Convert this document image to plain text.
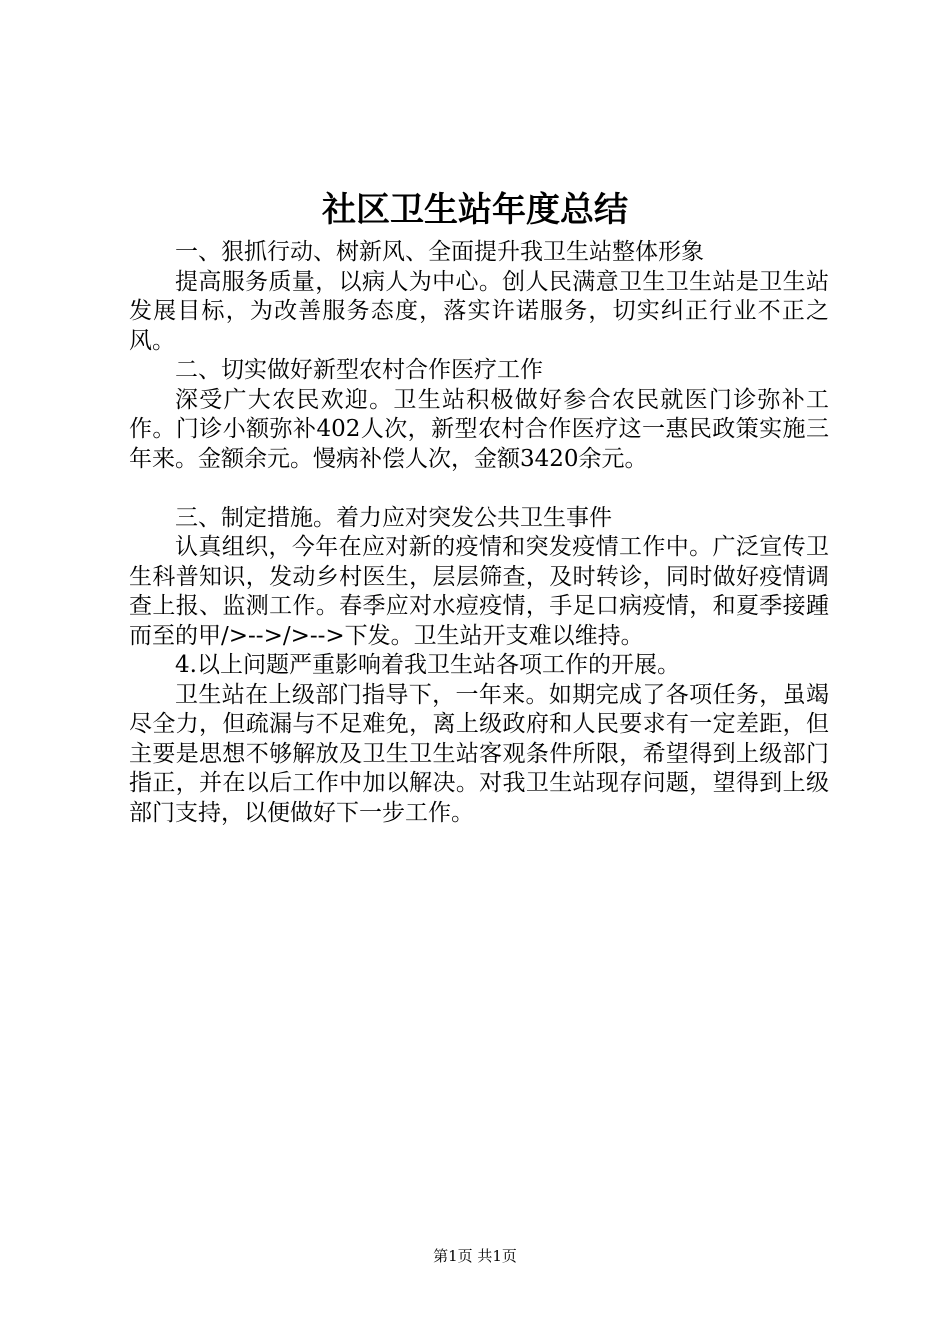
社区卫生站年度总结

一、狠抓行动、树新风、全面提升我卫生站整体形象

提高服务质量，以病人为中心。创人民满意卫生卫生站是卫生站发展目标，为改善服务态度，落实许诺服务，切实纠正行业不正之风。

二、切实做好新型农村合作医疗工作

深受广大农民欢迎。卫生站积极做好参合农民就医门诊弥补工作。门诊小额弥补402人次，新型农村合作医疗这一惠民政策实施三年来。金额余元。慢病补偿人次，金额3420余元。

三、制定措施。着力应对突发公共卫生事件

认真组织，今年在应对新的疫情和突发疫情工作中。广泛宣传卫生科普知识，发动乡村医生，层层筛查，及时转诊，同时做好疫情调查上报、监测工作。春季应对水痘疫情，手足口病疫情，和夏季接踵而至的甲/>-->/>-->下发。卫生站开支难以维持。

4.以上问题严重影响着我卫生站各项工作的开展。

卫生站在上级部门指导下，一年来。如期完成了各项任务，虽竭尽全力，但疏漏与不足难免，离上级政府和人民要求有一定差距，但主要是思想不够解放及卫生卫生站客观条件所限，希望得到上级部门指正，并在以后工作中加以解决。对我卫生站现存问题，望得到上级部门支持，以便做好下一步工作。

第1页 共1页
